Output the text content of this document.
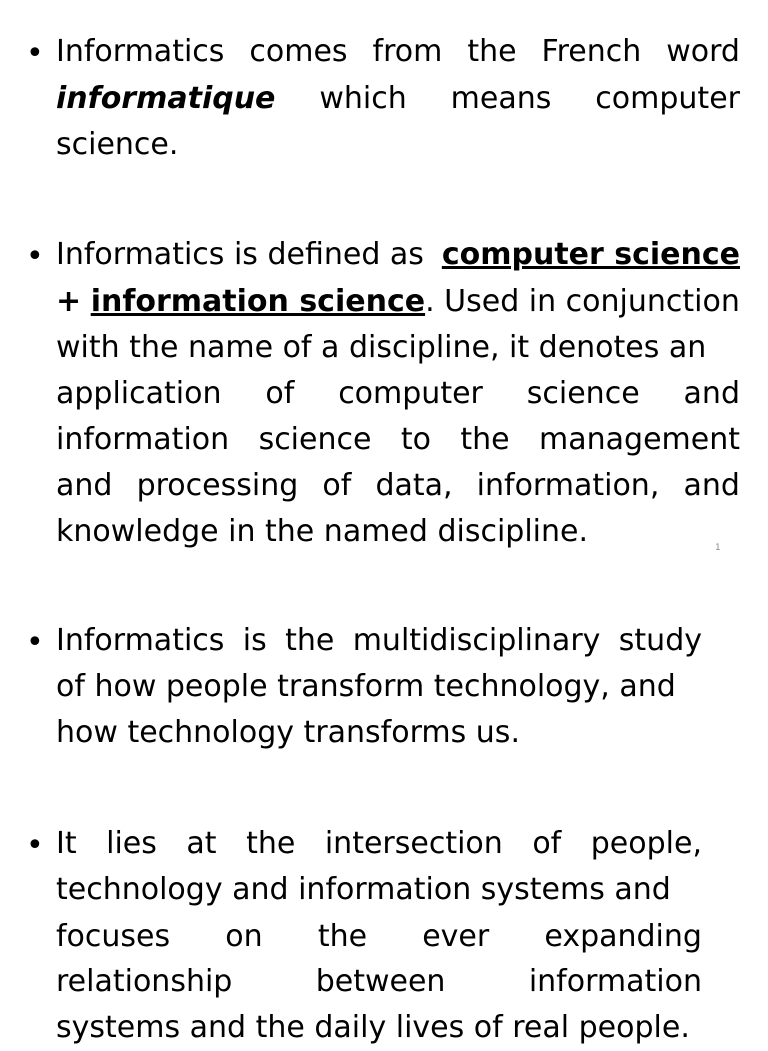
• Informatics comes from the French word
informatique which means computer
science.
• Informatics is defined as computer science
+ information science. Used in conjunction
with the name of a discipline, it denotes an
application of computer science and
information science to the management
and processing of data, information, and
knowledge in the named discipline.	1
• Informatics is the multidisciplinary study
of how people transform technology, and
how technology transforms us.
• It lies at the intersection of people,
technology and information systems and
focuses on the ever expanding
relationship	between	information
systems and the daily lives of real people.
